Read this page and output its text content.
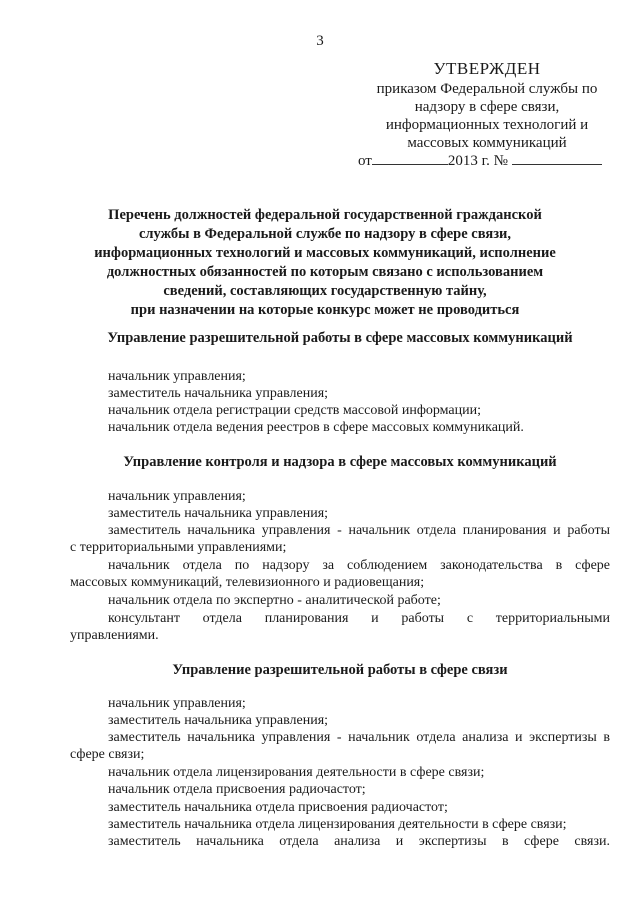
3
УТВЕРЖДЕН
приказом Федеральной службы по
надзору в сфере связи,
информационных технологий и
массовых коммуникаций
от	2013 г. №
Перечень должностей федеральной государственной гражданской
службы в Федеральной службе по надзору в сфере связи,
информационных технологий и массовых коммуникаций, исполнение
должностных обязанностей по которым связано с использованием
сведений, составляющих государственную тайну,
при назначении на которые конкурс может не проводиться
Управление разрешительной работы в сфере массовых коммуникаций
начальник управления;
заместитель начальника управления;
начальник отдела регистрации средств массовой информации;
начальник отдела ведения реестров в сфере массовых коммуникаций.
Управление контроля и надзора в сфере массовых коммуникаций
начальник управления;
заместитель начальника управления;
заместитель начальника управления - начальник отдела планирования и работы
с территориальными управлениями;
начальник отдела по надзору за соблюдением законодательства в сфере
массовых коммуникаций, телевизионного и радиовещания;
начальник отдела по экспертно - аналитической работе;
консультант отдела планирования и работы с территориальными
управлениями.
Управление разрешительной работы в сфере связи
начальник управления;
заместитель начальника управления;
заместитель начальника управления - начальник отдела анализа и экспертизы в
сфере связи;
начальник отдела лицензирования деятельности в сфере связи;
начальник отдела присвоения радиочастот;
заместитель начальника отдела присвоения радиочастот;
заместитель начальника отдела лицензирования деятельности в сфере связи;
заместитель начальника отдела анализа и экспертизы в сфере связи.
